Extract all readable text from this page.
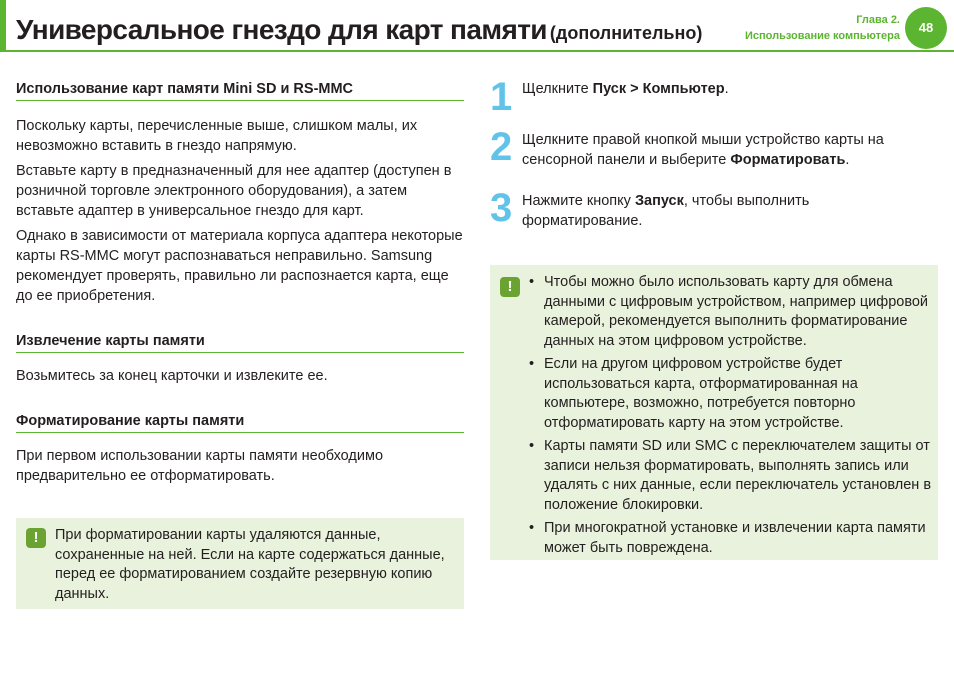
Универсальное гнездо для карт памяти (дополнительно)
Глава 2.
Использование компьютера
48
Использование карт памяти Mini SD и RS-MMC

Поскольку карты, перечисленные выше, слишком малы, их невозможно вставить в гнездо напрямую.

Вставьте карту в предназначенный для нее адаптер (доступен в розничной торговле электронного оборудования), а затем вставьте адаптер в универсальное гнездо для карт.

Однако в зависимости от материала корпуса адаптера некоторые карты RS-MMC могут распознаваться неправильно. Samsung рекомендует проверять, правильно ли распознается карта, еще до ее приобретения.

Извлечение карты памяти

Возьмитесь за конец карточки и извлеките ее.

Форматирование карты памяти

При первом использовании карты памяти необходимо предварительно ее отформатировать.

!	При форматировании карты удаляются данные, сохраненные на ней. Если на карте содержаться данные, перед ее форматированием создайте резервную копию данных.

1 Щелкните Пуск > Компьютер.

2 Щелкните правой кнопкой мыши устройство карты на сенсорной панели и выберите Форматировать.

3 Нажмите кнопку Запуск, чтобы выполнить форматирование.

!
•	Чтобы можно было использовать карту для обмена данными с цифровым устройством, например цифровой камерой, рекомендуется выполнить форматирование данных на этом цифровом устройстве.
• Если на другом цифровом устройстве будет использоваться карта, отформатированная на компьютере, возможно, потребуется повторно отформатировать карту на этом устройстве.
• Карты памяти SD или SMC с переключателем защиты от записи нельзя форматировать, выполнять запись или удалять с них данные, если переключатель установлен в положение блокировки.
• При многократной установке и извлечении карта памяти может быть повреждена.
